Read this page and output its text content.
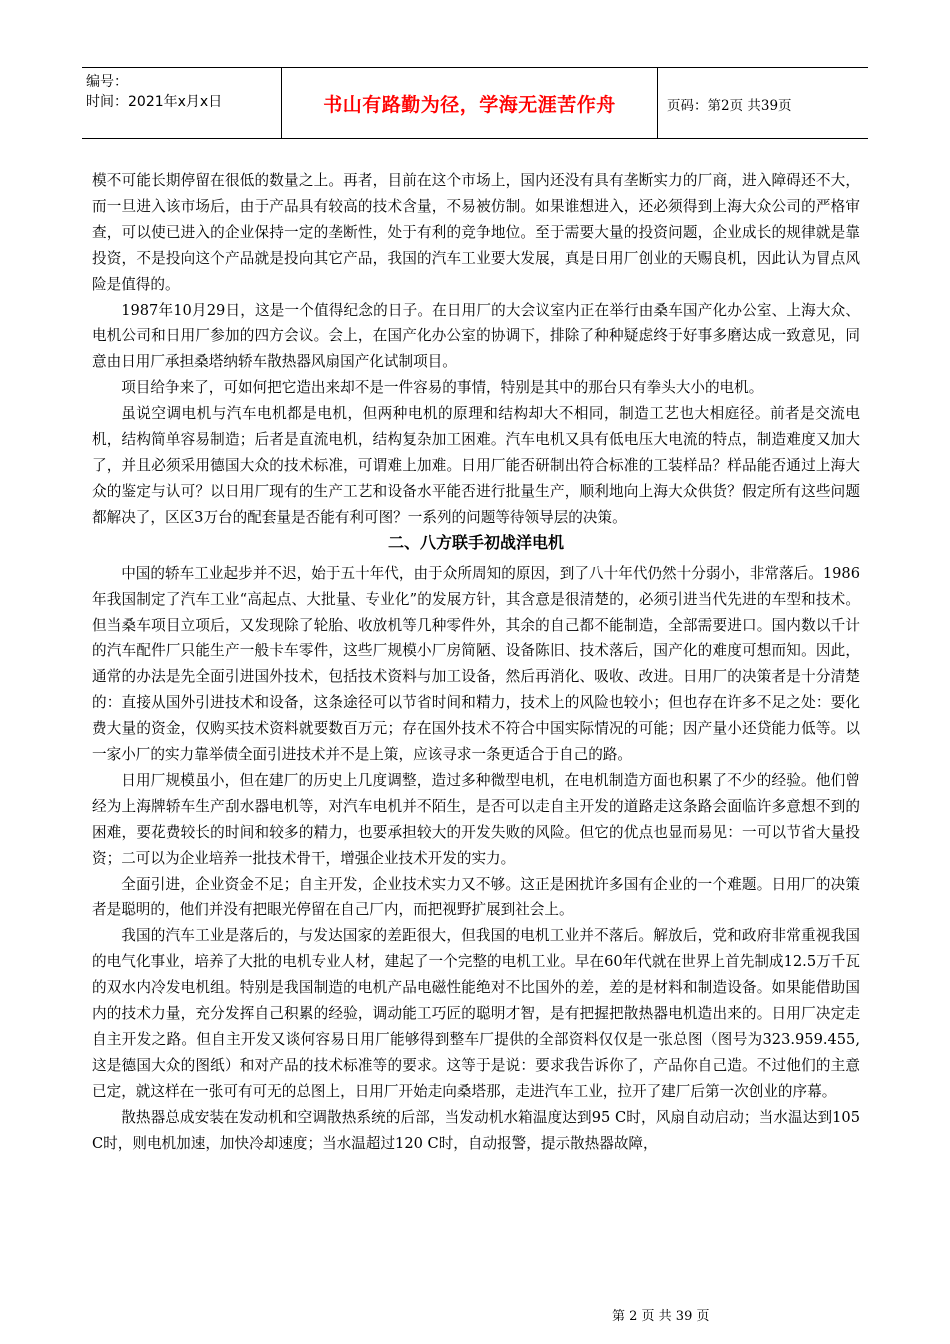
编号：
时间：2021年x月x日	书山有路勤为径，学海无涯苦作舟	页码：第2页 共39页

模不可能长期停留在很低的数量之上。再者，目前在这个市场上，国内还没有具有垄断实力的厂商，进入障碍还不大，而一旦进入该市场后，由于产品具有较高的技术含量，不易被仿制。如果谁想进入，还必须得到上海大众公司的严格审查，可以使已进入的企业保持一定的垄断性，处于有利的竞争地位。至于需要大量的投资问题，企业成长的规律就是靠投资，不是投向这个产品就是投向其它产品，我国的汽车工业要大发展，真是日用厂创业的天赐良机，因此认为冒点风险是值得的。

1987年10月29日，这是一个值得纪念的日子。在日用厂的大会议室内正在举行由桑车国产化办公室、上海大众、电机公司和日用厂参加的四方会议。会上，在国产化办公室的协调下，排除了种种疑虑终于好事多磨达成一致意见，同意由日用厂承担桑塔纳轿车散热器风扇国产化试制项目。

项目给争来了，可如何把它造出来却不是一件容易的事情，特别是其中的那台只有拳头大小的电机。

虽说空调电机与汽车电机都是电机，但两种电机的原理和结构却大不相同，制造工艺也大相庭径。前者是交流电机，结构简单容易制造；后者是直流电机，结构复杂加工困难。汽车电机又具有低电压大电流的特点，制造难度又加大了，并且必须采用德国大众的技术标准，可谓难上加难。日用厂能否研制出符合标准的工装样品？样品能否通过上海大众的鉴定与认可？以日用厂现有的生产工艺和设备水平能否进行批量生产，顺利地向上海大众供货？假定所有这些问题都解决了，区区3万台的配套量是否能有利可图？一系列的问题等待领导层的决策。

二、八方联手初战洋电机

中国的轿车工业起步并不迟，始于五十年代，由于众所周知的原因，到了八十年代仍然十分弱小，非常落后。1986年我国制定了汽车工业“高起点、大批量、专业化”的发展方针，其含意是很清楚的，必须引进当代先进的车型和技术。但当桑车项目立项后，又发现除了轮胎、收放机等几种零件外，其余的自己都不能制造，全部需要进口。国内数以千计的汽车配件厂只能生产一般卡车零件，这些厂规模小厂房简陋、设备陈旧、技术落后，国产化的难度可想而知。因此，通常的办法是先全面引进国外技术，包括技术资料与加工设备，然后再消化、吸收、改进。日用厂的决策者是十分清楚的：直接从国外引进技术和设备，这条途径可以节省时间和精力，技术上的风险也较小；但也存在许多不足之处：要化费大量的资金，仅购买技术资料就要数百万元；存在国外技术不符合中国实际情况的可能；因产量小还贷能力低等。以一家小厂的实力靠举债全面引进技术并不是上策，应该寻求一条更适合于自己的路。

日用厂规模虽小，但在建厂的历史上几度调整，造过多种微型电机，在电机制造方面也积累了不少的经验。他们曾经为上海牌轿车生产刮水器电机等，对汽车电机并不陌生，是否可以走自主开发的道路走这条路会面临许多意想不到的困难，要花费较长的时间和较多的精力，也要承担较大的开发失败的风险。但它的优点也显而易见：一可以节省大量投资；二可以为企业培养一批技术骨干，增强企业技术开发的实力。

全面引进，企业资金不足；自主开发，企业技术实力又不够。这正是困扰许多国有企业的一个难题。日用厂的决策者是聪明的，他们并没有把眼光停留在自己厂内，而把视野扩展到社会上。

我国的汽车工业是落后的，与发达国家的差距很大，但我国的电机工业并不落后。解放后，党和政府非常重视我国的电气化事业，培养了大批的电机专业人材，建起了一个完整的电机工业。早在60年代就在世界上首先制成12.5万千瓦的双水内冷发电机组。特别是我国制造的电机产品电磁性能绝对不比国外的差，差的是材料和制造设备。如果能借助国内的技术力量，充分发挥自己积累的经验，调动能工巧匠的聪明才智，是有把握把散热器电机造出来的。日用厂决定走自主开发之路。但自主开发又谈何容易日用厂能够得到整车厂提供的全部资料仅仅是一张总图（图号为323.959.455,这是德国大众的图纸）和对产品的技术标准等的要求。这等于是说：要求我告诉你了，产品你自己造。不过他们的主意已定，就这样在一张可有可无的总图上，日用厂开始走向桑塔那，走进汽车工业，拉开了建厂后第一次创业的序幕。

散热器总成安装在发动机和空调散热系统的后部，当发动机水箱温度达到95 C时，风扇自动启动；当水温达到105 C时，则电机加速，加快冷却速度；当水温超过120 C时，自动报警，提示散热器故障，

第 2 页 共 39 页
